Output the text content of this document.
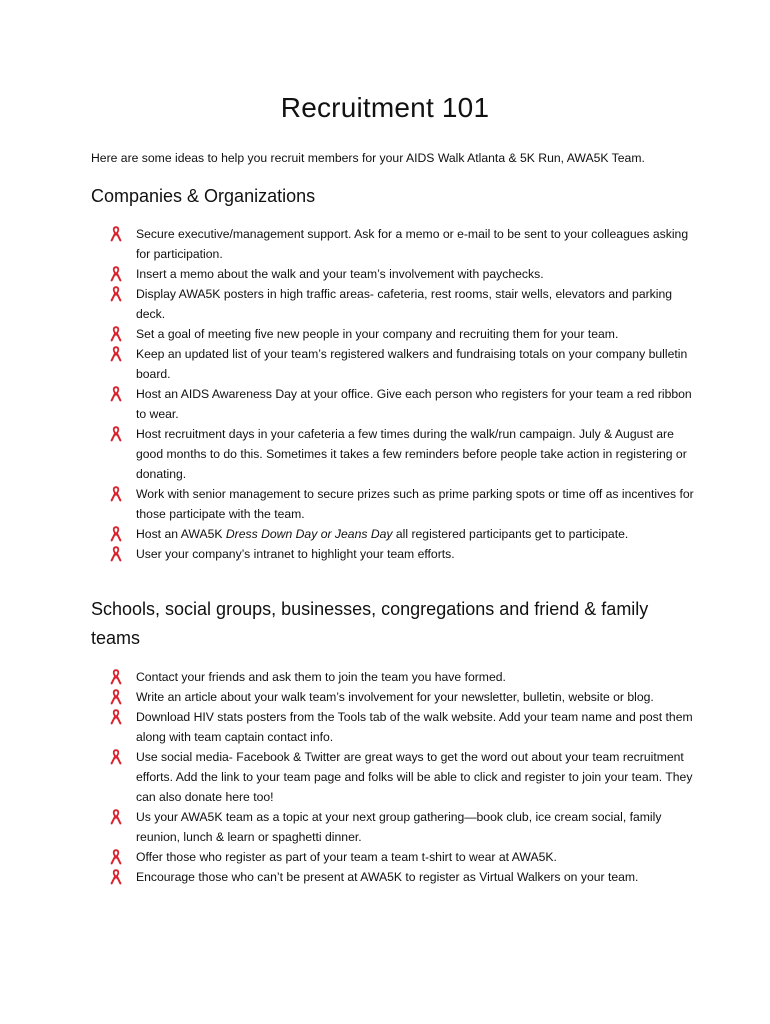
Recruitment 101

Here are some ideas to help you recruit members for your AIDS Walk Atlanta & 5K Run, AWA5K Team.

Companies & Organizations
Secure executive/management support. Ask for a memo or e-mail to be sent to your colleagues asking for participation.
Insert a memo about the walk and your team’s involvement with paychecks.
Display AWA5K posters in high traffic areas- cafeteria, rest rooms, stair wells, elevators and parking deck.
Set a goal of meeting five new people in your company and recruiting them for your team.
Keep an updated list of your team’s registered walkers and fundraising totals on your company bulletin board.
Host an AIDS Awareness Day at your office. Give each person who registers for your team a red ribbon to wear.
Host recruitment days in your cafeteria a few times during the walk/run campaign. July & August are good months to do this. Sometimes it takes a few reminders before people take action in registering or donating.
Work with senior management to secure prizes such as prime parking spots or time off as incentives for those participate with the team.
Host an AWA5K Dress Down Day or Jeans Day all registered participants get to participate.
User your company’s intranet to highlight your team efforts.
Schools, social groups, businesses, congregations and friend & family teams
Contact your friends and ask them to join the team you have formed.
Write an article about your walk team’s involvement for your newsletter, bulletin, website or blog.
Download HIV stats posters from the Tools tab of the walk website. Add your team name and post them along with team captain contact info.
Use social media- Facebook & Twitter are great ways to get the word out about your team recruitment efforts. Add the link to your team page and folks will be able to click and register to join your team. They can also donate here too!
Us your AWA5K team as a topic at your next group gathering—book club, ice cream social, family reunion, lunch & learn or spaghetti dinner.
Offer those who register as part of your team a team t-shirt to wear at AWA5K.
Encourage those who can’t be present at AWA5K to register as Virtual Walkers on your team.
